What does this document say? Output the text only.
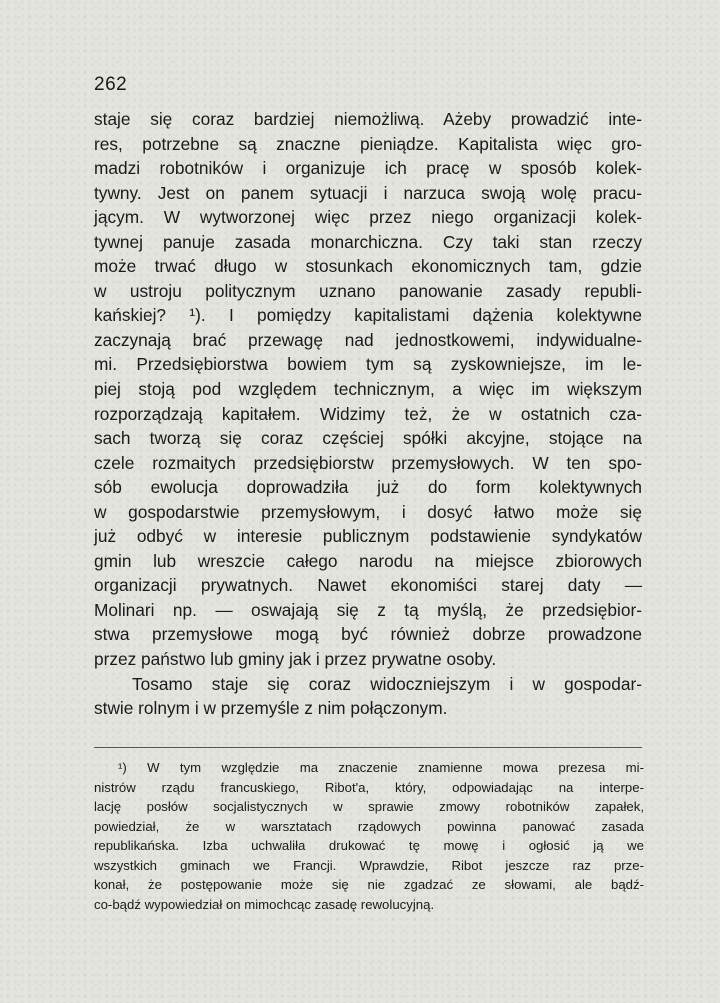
262
staje się coraz bardziej niemożliwą. Ażeby prowadzić inte-
res, potrzebne są znaczne pieniądze. Kapitalista więc gro-
madzi robotników i organizuje ich pracę w sposób kolek-
tywny. Jest on panem sytuacji i narzuca swoją wolę pracu-
jącym. W wytworzonej więc przez niego organizacji kolek-
tywnej panuje zasada monarchiczna. Czy taki stan rzeczy
może trwać długo w stosunkach ekonomicznych tam, gdzie
w ustroju politycznym uznano panowanie zasady republi-
kańskiej? ¹). I pomiędzy kapitalistami dążenia kolektywne
zaczynają brać przewagę nad jednostkowemi, indywidualne-
mi. Przedsiębiorstwa bowiem tym są zyskowniejsze, im le-
piej stoją pod względem technicznym, a więc im większym
rozporządzają kapitałem. Widzimy też, że w ostatnich cza-
sach tworzą się coraz częściej spółki akcyjne, stojące na
czele rozmaitych przedsiębiorstw przemysłowych. W ten spo-
sób ewolucja doprowadziła już do form kolektywnych
w gospodarstwie przemysłowym, i dosyć łatwo może się
już odbyć w interesie publicznym podstawienie syndykatów
gmin lub wreszcie całego narodu na miejsce zbiorowych
organizacji prywatnych. Nawet ekonomiści starej daty —
Molinari np. — oswajają się z tą myślą, że przedsiębior-
stwa przemysłowe mogą być również dobrze prowadzone
przez państwo lub gminy jak i przez prywatne osoby.
Tosamo staje się coraz widoczniejszym i w gospodar-
stwie rolnym i w przemyśle z nim połączonym.
¹) W tym względzie ma znaczenie znamienne mowa prezesa mi-
nistrów rządu francuskiego, Ribot'a, który, odpowiadając na interpe-
lację posłów socjalistycznych w sprawie zmowy robotników zapałek,
powiedział, że w warsztatach rządowych powinna panować zasada
republikańska. Izba uchwaliła drukować tę mowę i ogłosić ją we
wszystkich gminach we Francji. Wprawdzie, Ribot jeszcze raz prze-
konał, że postępowanie może się nie zgadzać ze słowami, ale bądź-
co-bądź wypowiedział on mimochcąc zasadę rewolucyjną.
